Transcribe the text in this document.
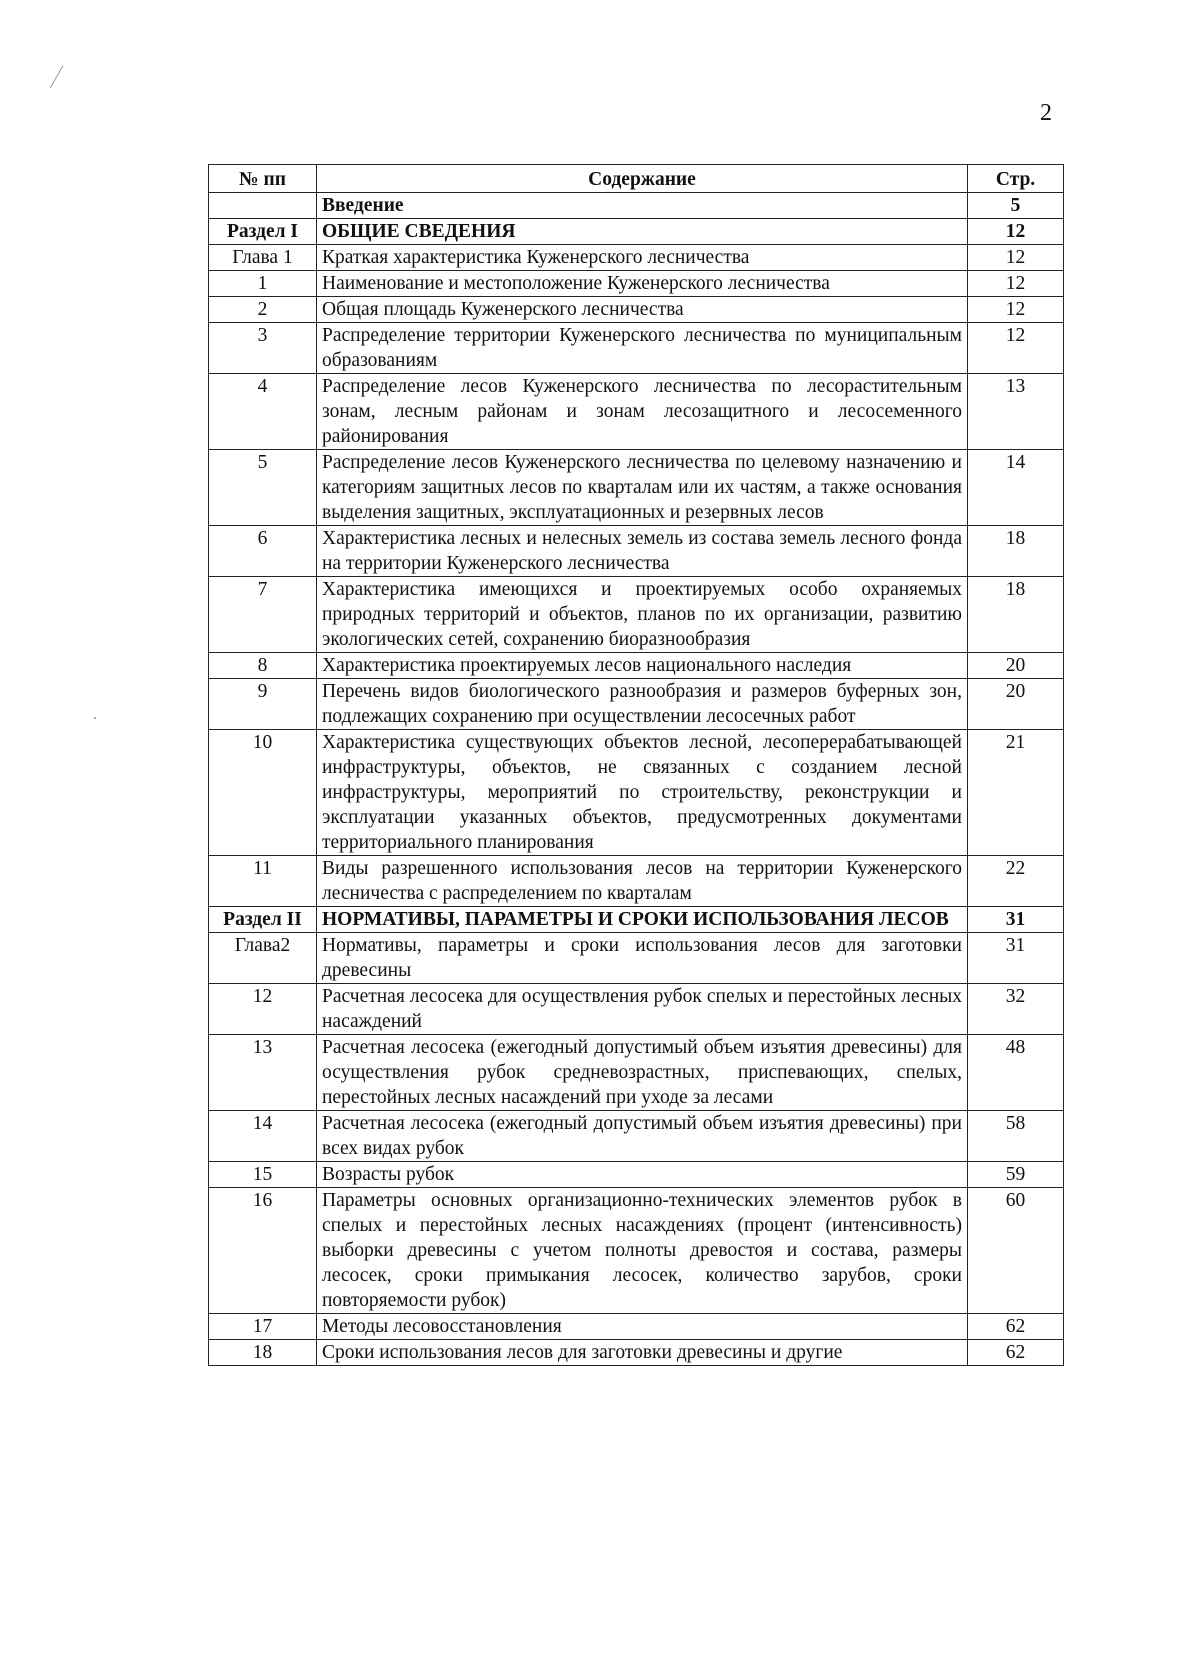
2
№ пп	Содержание	Стр.
	Введение	5
Раздел I	ОБЩИЕ СВЕДЕНИЯ	12
Глава 1	Краткая характеристика Куженерского лесничества	12
1	Наименование и местоположение Куженерского лесничества	12
2	Общая площадь Куженерского лесничества	12
3	Распределение территории Куженерского лесничества по муниципальным образованиям	12
4	Распределение лесов Куженерского лесничества по лесорастительным зонам, лесным районам и зонам лесозащитного и лесосеменного районирования	13
5	Распределение лесов Куженерского лесничества по целевому назначению и категориям защитных лесов по кварталам или их частям, а также основания выделения защитных, эксплуатационных и резервных лесов	14
6	Характеристика лесных и нелесных земель из состава земель лесного фонда на территории Куженерского лесничества	18
7	Характеристика имеющихся и проектируемых особо охраняемых природных территорий и объектов, планов по их организации, развитию экологических сетей, сохранению биоразнообразия	18
8	Характеристика проектируемых лесов национального наследия	20
9	Перечень видов биологического разнообразия и размеров буферных зон, подлежащих сохранению при осуществлении лесосечных работ	20
10	Характеристика существующих объектов лесной, лесоперерабатывающей инфраструктуры, объектов, не связанных с созданием лесной инфраструктуры, мероприятий по строительству, реконструкции и эксплуатации указанных объектов, предусмотренных документами территориального планирования	21
11	Виды разрешенного использования лесов на территории Куженерского лесничества с распределением по кварталам	22
Раздел II	НОРМАТИВЫ, ПАРАМЕТРЫ И СРОКИ ИСПОЛЬЗОВАНИЯ ЛЕСОВ	31
Глава2	Нормативы, параметры и сроки использования лесов для заготовки древесины	31
12	Расчетная лесосека для осуществления рубок спелых и перестойных лесных насаждений	32
13	Расчетная лесосека (ежегодный допустимый объем изъятия древесины) для осуществления рубок средневозрастных, приспевающих, спелых, перестойных лесных насаждений при уходе за лесами	48
14	Расчетная лесосека (ежегодный допустимый объем изъятия древесины) при всех видах рубок	58
15	Возрасты рубок	59
16	Параметры основных организационно-технических элементов рубок в спелых и перестойных лесных насаждениях (процент (интенсивность) выборки древесины с учетом полноты древостоя и состава, размеры лесосек, сроки примыкания лесосек, количество зарубов, сроки повторяемости рубок)	60
17	Методы лесовосстановления	62
18	Сроки использования лесов для заготовки древесины и другие	62
